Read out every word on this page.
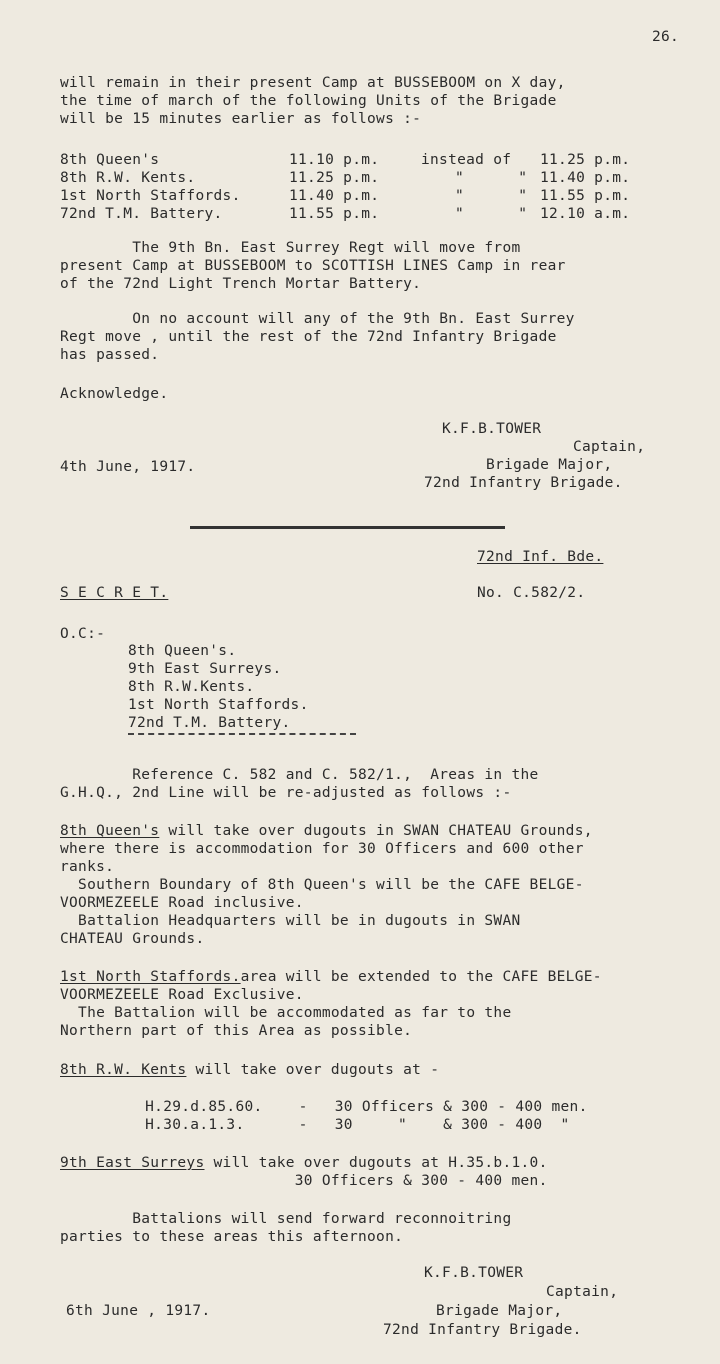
26.
will remain in their present Camp at BUSSEBOOM on X day,
the time of march of the following Units of the Brigade
will be 15 minutes earlier as follows :-
8th Queen's	11.10 p.m.	instead of 11.25 p.m.
8th R.W. Kents.	11.25 p.m.	"      " 11.40 p.m.
1st North Staffords.	11.40 p.m.	"      " 11.55 p.m.
72nd T.M. Battery.	11.55 p.m.	"      " 12.10 a.m.
The 9th Bn. East Surrey Regt will move from
present Camp at BUSSEBOOM to SCOTTISH LINES Camp in rear
of the 72nd Light Trench Mortar Battery.
On no account will any of the 9th Bn. East Surrey
Regt move , until the rest of the 72nd Infantry Brigade
has passed.
Acknowledge.
K.F.B.TOWER
Captain,
4th June, 1917.	Brigade Major,
72nd Infantry Brigade.
72nd Inf. Bde.
S E C R E T.	No. C.582/2.
O.C:-
8th Queen's.
9th East Surreys.
8th R.W.Kents.
1st North Staffords.
72nd T.M. Battery.
Reference C. 582 and C. 582/1.,  Areas in the
G.H.Q., 2nd Line will be re-adjusted as follows :-
8th Queen's will take over dugouts in SWAN CHATEAU Grounds,
where there is accommodation for 30 Officers and 600 other
ranks.
Southern Boundary of 8th Queen's will be the CAFE BELGE-
VOORMEZEELE Road inclusive.
Battalion Headquarters will be in dugouts in SWAN
CHATEAU Grounds.
1st North Staffords.area will be extended to the CAFE BELGE-
VOORMEZEELE Road Exclusive.
The Battalion will be accommodated as far to the
Northern part of this Area as possible.
8th R.W. Kents will take over dugouts at -
H.29.d.85.60.    -   30 Officers & 300 - 400 men.
H.30.a.1.3.      -   30     "    & 300 - 400  "
9th East Surreys will take over dugouts at H.35.b.1.0.
30 Officers & 300 - 400 men.
Battalions will send forward reconnoitring
parties to these areas this afternoon.
K.F.B.TOWER
Captain,
6th June , 1917.	Brigade Major,
72nd Infantry Brigade.
